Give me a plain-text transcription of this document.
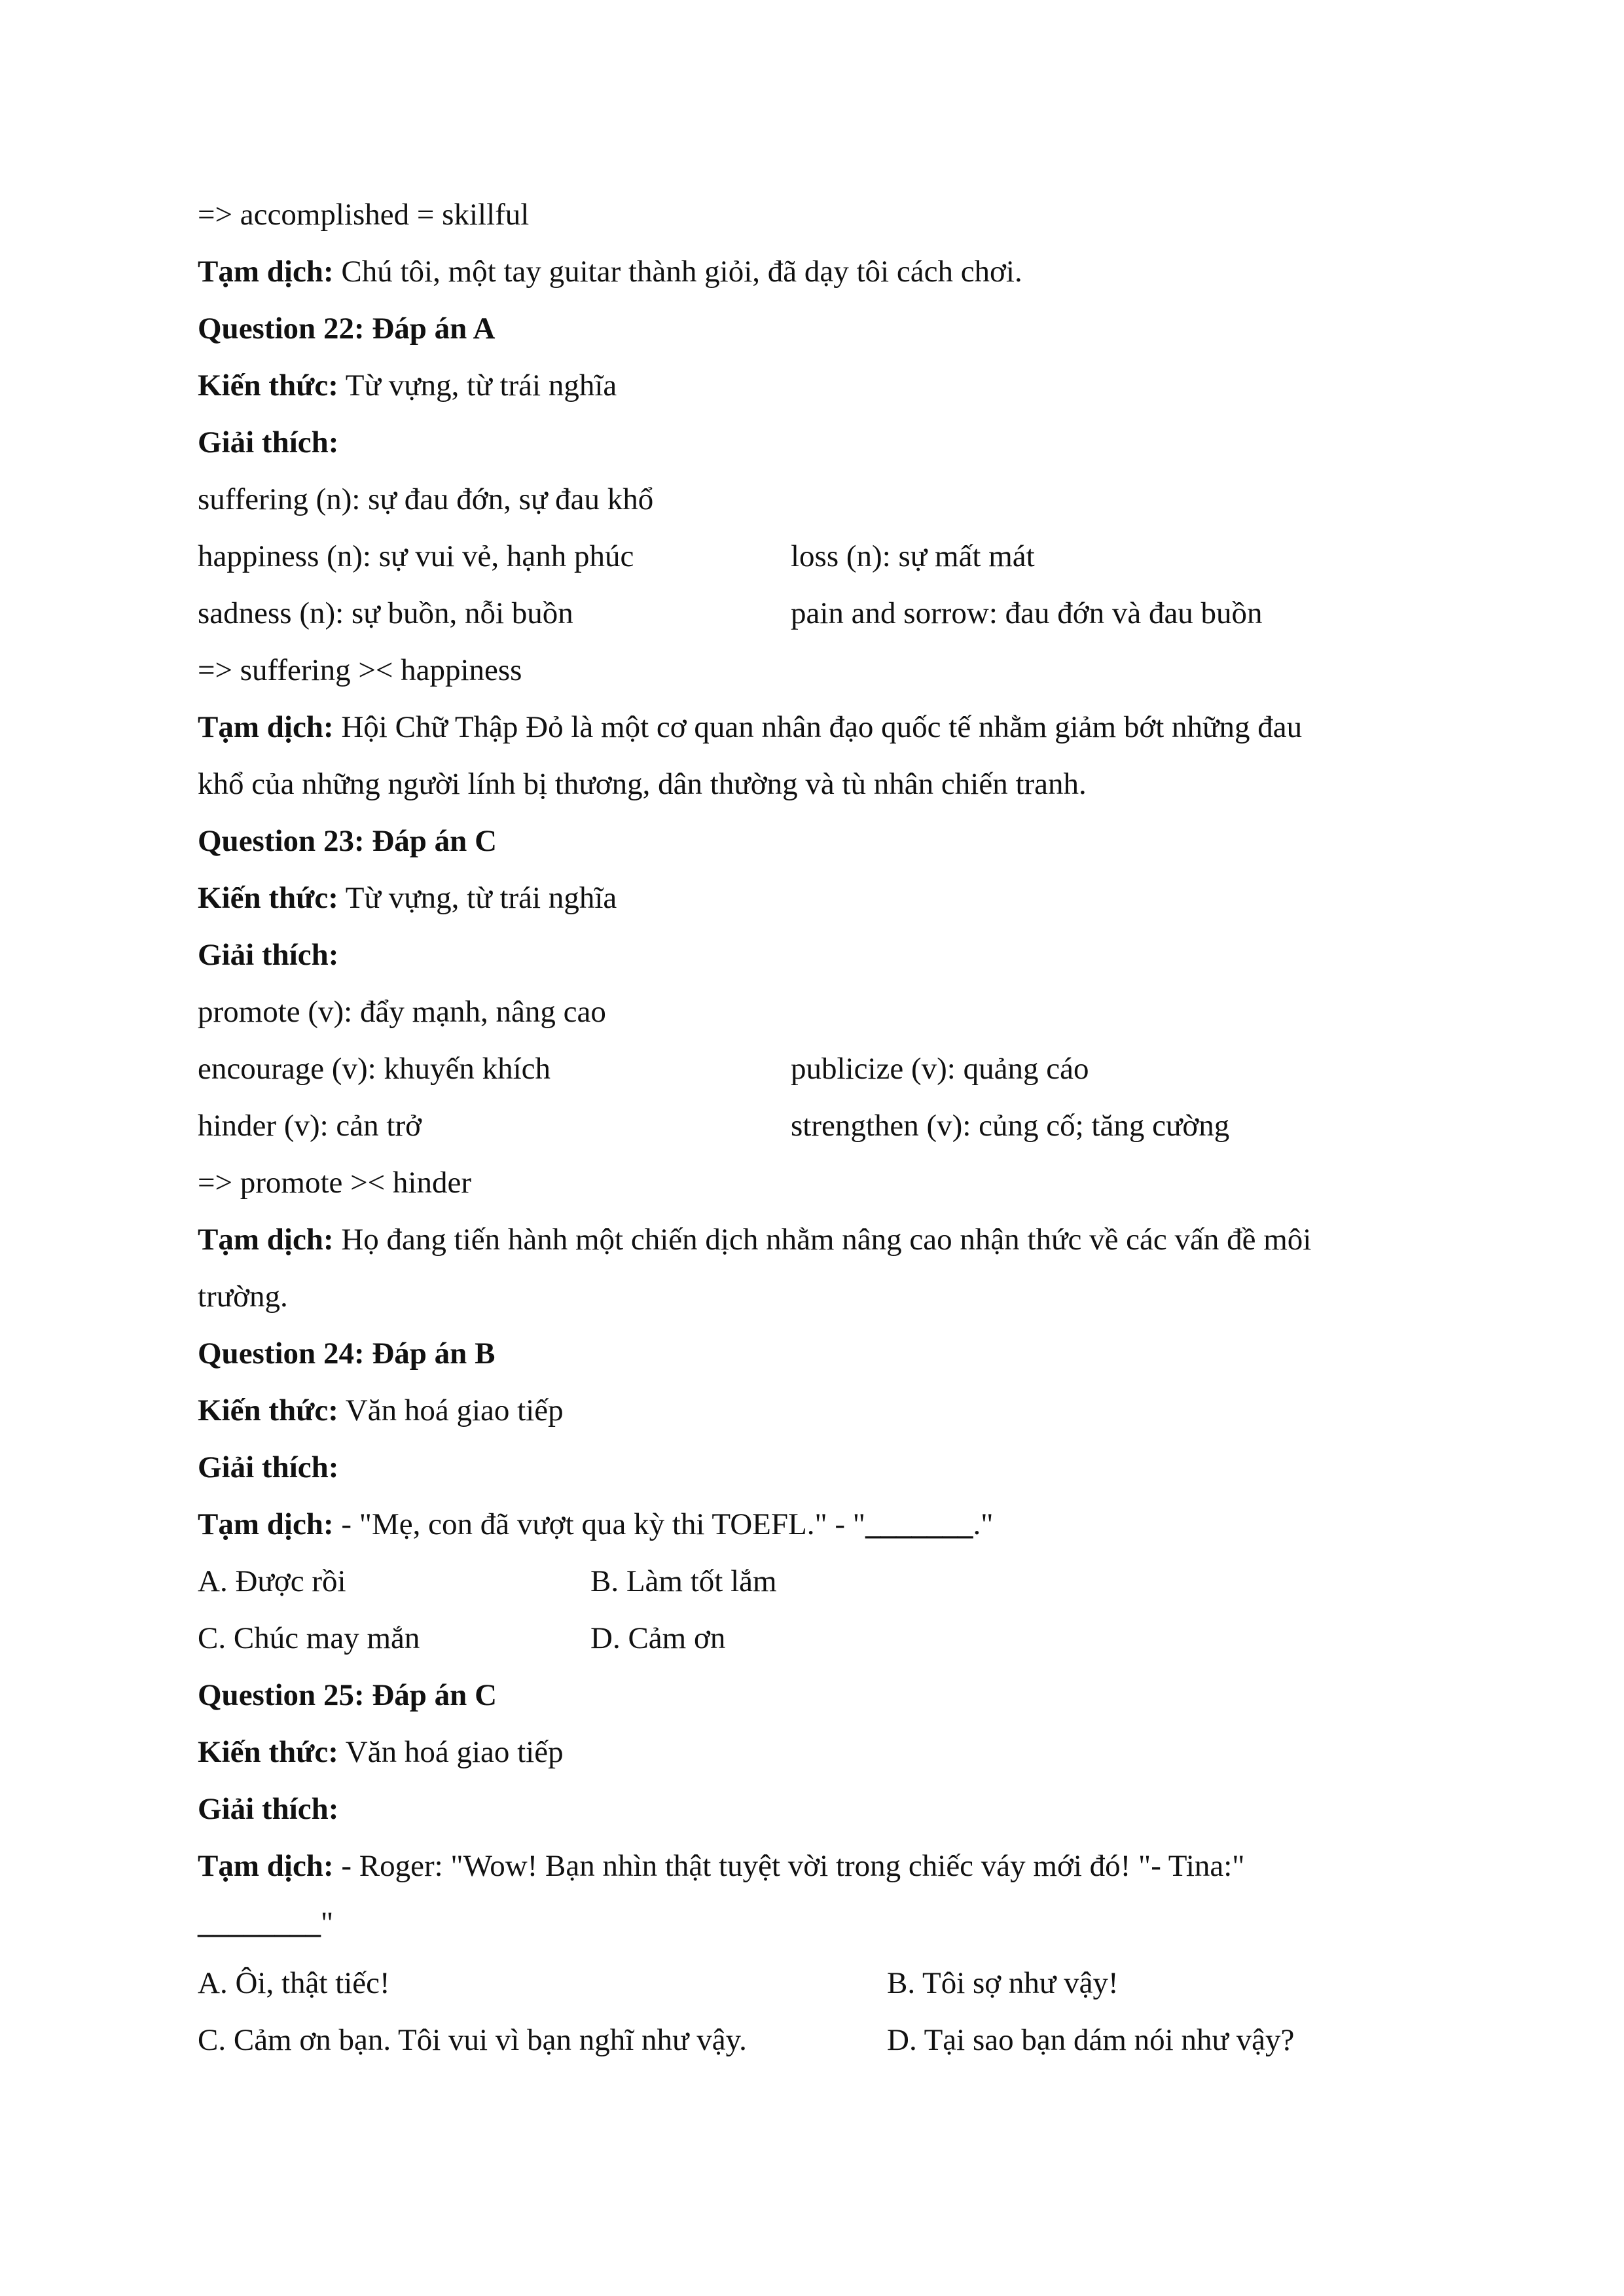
=> accomplished = skillful
Tạm dịch: Chú tôi, một tay guitar thành giỏi, đã dạy tôi cách chơi.
Question 22: Đáp án A
Kiến thức: Từ vựng, từ trái nghĩa
Giải thích:
suffering (n): sự đau đớn, sự đau khổ
happiness (n): sự vui vẻ, hạnh phúc	loss (n): sự mất mát
sadness (n): sự buồn, nỗi buồn	pain and sorrow: đau đớn và đau buồn
=> suffering >< happiness
Tạm dịch: Hội Chữ Thập Đỏ là một cơ quan nhân đạo quốc tế nhằm giảm bớt những đau
khổ của những người lính bị thương, dân thường và tù nhân chiến tranh.
Question 23: Đáp án C
Kiến thức: Từ vựng, từ trái nghĩa
Giải thích:
promote (v): đẩy mạnh, nâng cao
encourage (v): khuyến khích	publicize (v): quảng cáo
hinder (v): cản trở	strengthen (v): củng cố; tăng cường
=> promote >< hinder
Tạm dịch: Họ đang tiến hành một chiến dịch nhằm nâng cao nhận thức về các vấn đề môi
trường.
Question 24: Đáp án B
Kiến thức: Văn hoá giao tiếp
Giải thích:
Tạm dịch: - "Mẹ, con đã vượt qua kỳ thi TOEFL." - "_______."
A. Được rồi	B. Làm tốt lắm
C. Chúc may mắn	D. Cảm ơn
Question 25: Đáp án C
Kiến thức: Văn hoá giao tiếp
Giải thích:
Tạm dịch: - Roger: "Wow! Bạn nhìn thật tuyệt vời trong chiếc váy mới đó! "- Tina:"
________"
A. Ôi, thật tiếc!	B. Tôi sợ như vậy!
C. Cảm ơn bạn. Tôi vui vì bạn nghĩ như vậy.	D. Tại sao bạn dám nói như vậy?
